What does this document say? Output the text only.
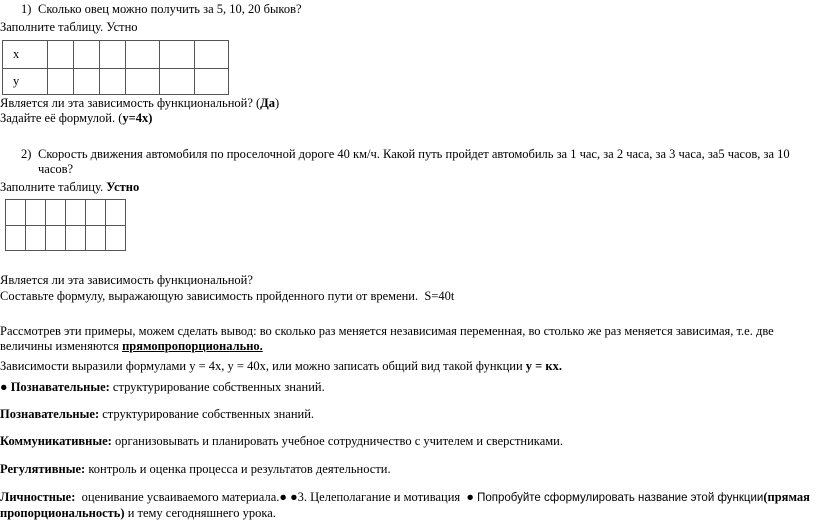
1) Сколько овец можно получить за 5, 10, 20 быков?
Заполните таблицу. Устно
x						
y						
Является ли эта зависимость функциональной? (Да)
Задайте её формулой. (у=4х)
2) Скорость движения автомобиля по проселочной дороге 40 км/ч. Какой путь пройдет автомобиль за 1 час, за 2 часа, за 3 часа, за5 часов, за 10
часов?
Заполните таблицу. Устно

Является ли эта зависимость функциональной?
Составьте формулу, выражающую зависимость пройденного пути от времени. S=40t
Рассмотрев эти примеры, можем сделать вывод: во сколько раз меняется независимая переменная, во столько же раз меняется зависимая, т.е. две
величины изменяются прямопропорционально.
Зависимости выразили формулами у = 4х, у = 40х, или можно записать общий вид такой функции у = кх.
● Познавательные: структурирование собственных знаний.
Познавательные: структурирование собственных знаний.
Коммуникативные: организовывать и планировать учебное сотрудничество с учителем и сверстниками.
Регулятивные: контроль и оценка процесса и результатов деятельности.
Личностные: оценивание усваиваемого материала.● ●3. Целеполагание и мотивация ● Попробуйте сформулировать название этой функции(прямая
пропорциональность) и тему сегодняшнего урока.
